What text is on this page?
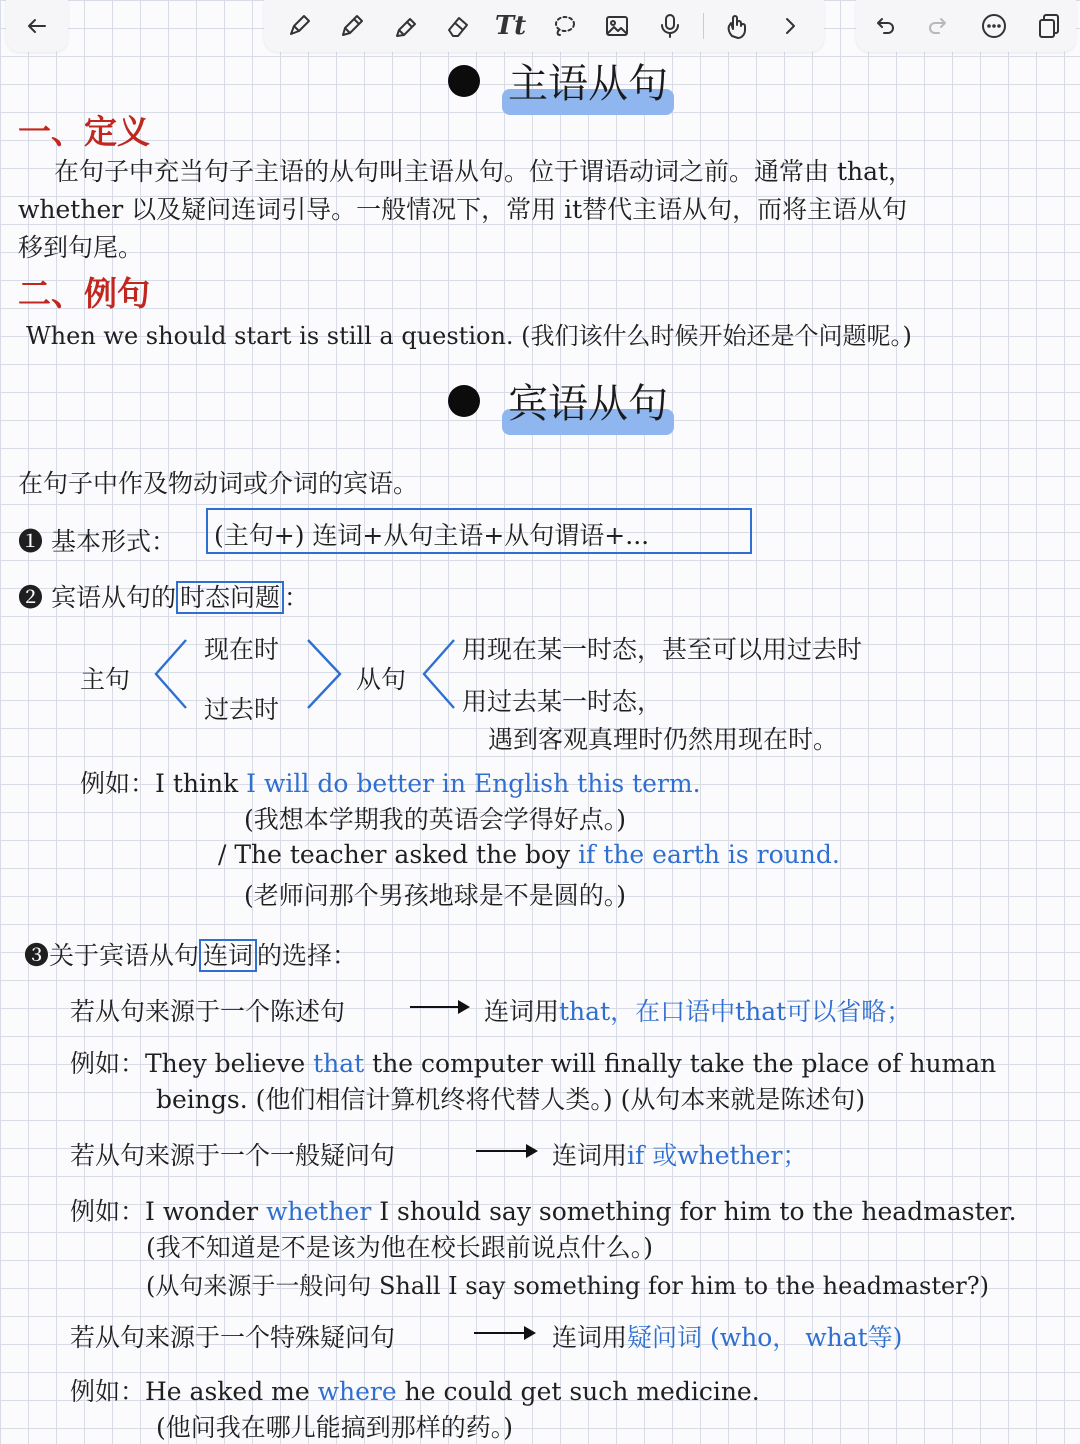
Tt
主语从句
一、定义
在句子中充当句子主语的从句叫主语从句。位于谓语动词之前。通常由 that，
whether 以及疑问连词引导。一般情况下，常用 it替代主语从句，而将主语从句
移到句尾。
二、例句
When we should start is still a question. (我们该什么时候开始还是个问题呢。)
宾语从句
在句子中作及物动词或介词的宾语。
❶ 基本形式：	(主句+) 连词+从句主语+从句谓语+...
❷ 宾语从句的 时态问题 ：
主句
现在时
过去时
从句
用现在某一时态，甚至可以用过去时
用过去某一时态，
遇到客观真理时仍然用现在时。
例如：I think I will do better in English this term.
(我想本学期我的英语会学得好点。)
/ The teacher asked the boy if the earth is round.
(老师问那个男孩地球是不是圆的。)
❸关于宾语从句 连词 的选择：
若从句来源于一个陈述句	连词用that，在口语中that可以省略；
例如：They believe that the computer will finally take the place of human
beings. (他们相信计算机终将代替人类。) (从句本来就是陈述句)
若从句来源于一个一般疑问句	连词用if 或whether；
例如：I wonder whether I should say something for him to the headmaster.
(我不知道是不是该为他在校长跟前说点什么。)
(从句来源于一般问句 Shall I say something for him to the headmaster?)
若从句来源于一个特殊疑问句	连词用疑问词 (who， what等)
例如：He asked me where he could get such medicine.
(他问我在哪儿能搞到那样的药。)
